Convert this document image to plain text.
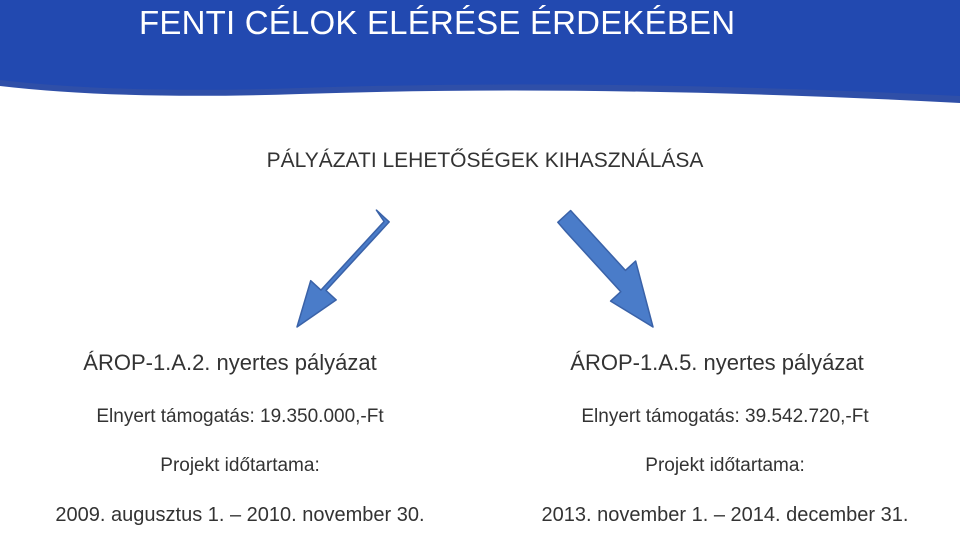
FENTI CÉLOK ELÉRÉSE ÉRDEKÉBEN
PÁLYÁZATI LEHETŐSÉGEK KIHASZNÁLÁSA
ÁROP-1.A.2. nyertes pályázat
Elnyert támogatás: 19.350.000,-Ft
Projekt időtartama:
2009. augusztus 1. – 2010. november 30.
ÁROP-1.A.5. nyertes pályázat
Elnyert támogatás: 39.542.720,-Ft
Projekt időtartama:
2013. november 1. – 2014. december 31.
